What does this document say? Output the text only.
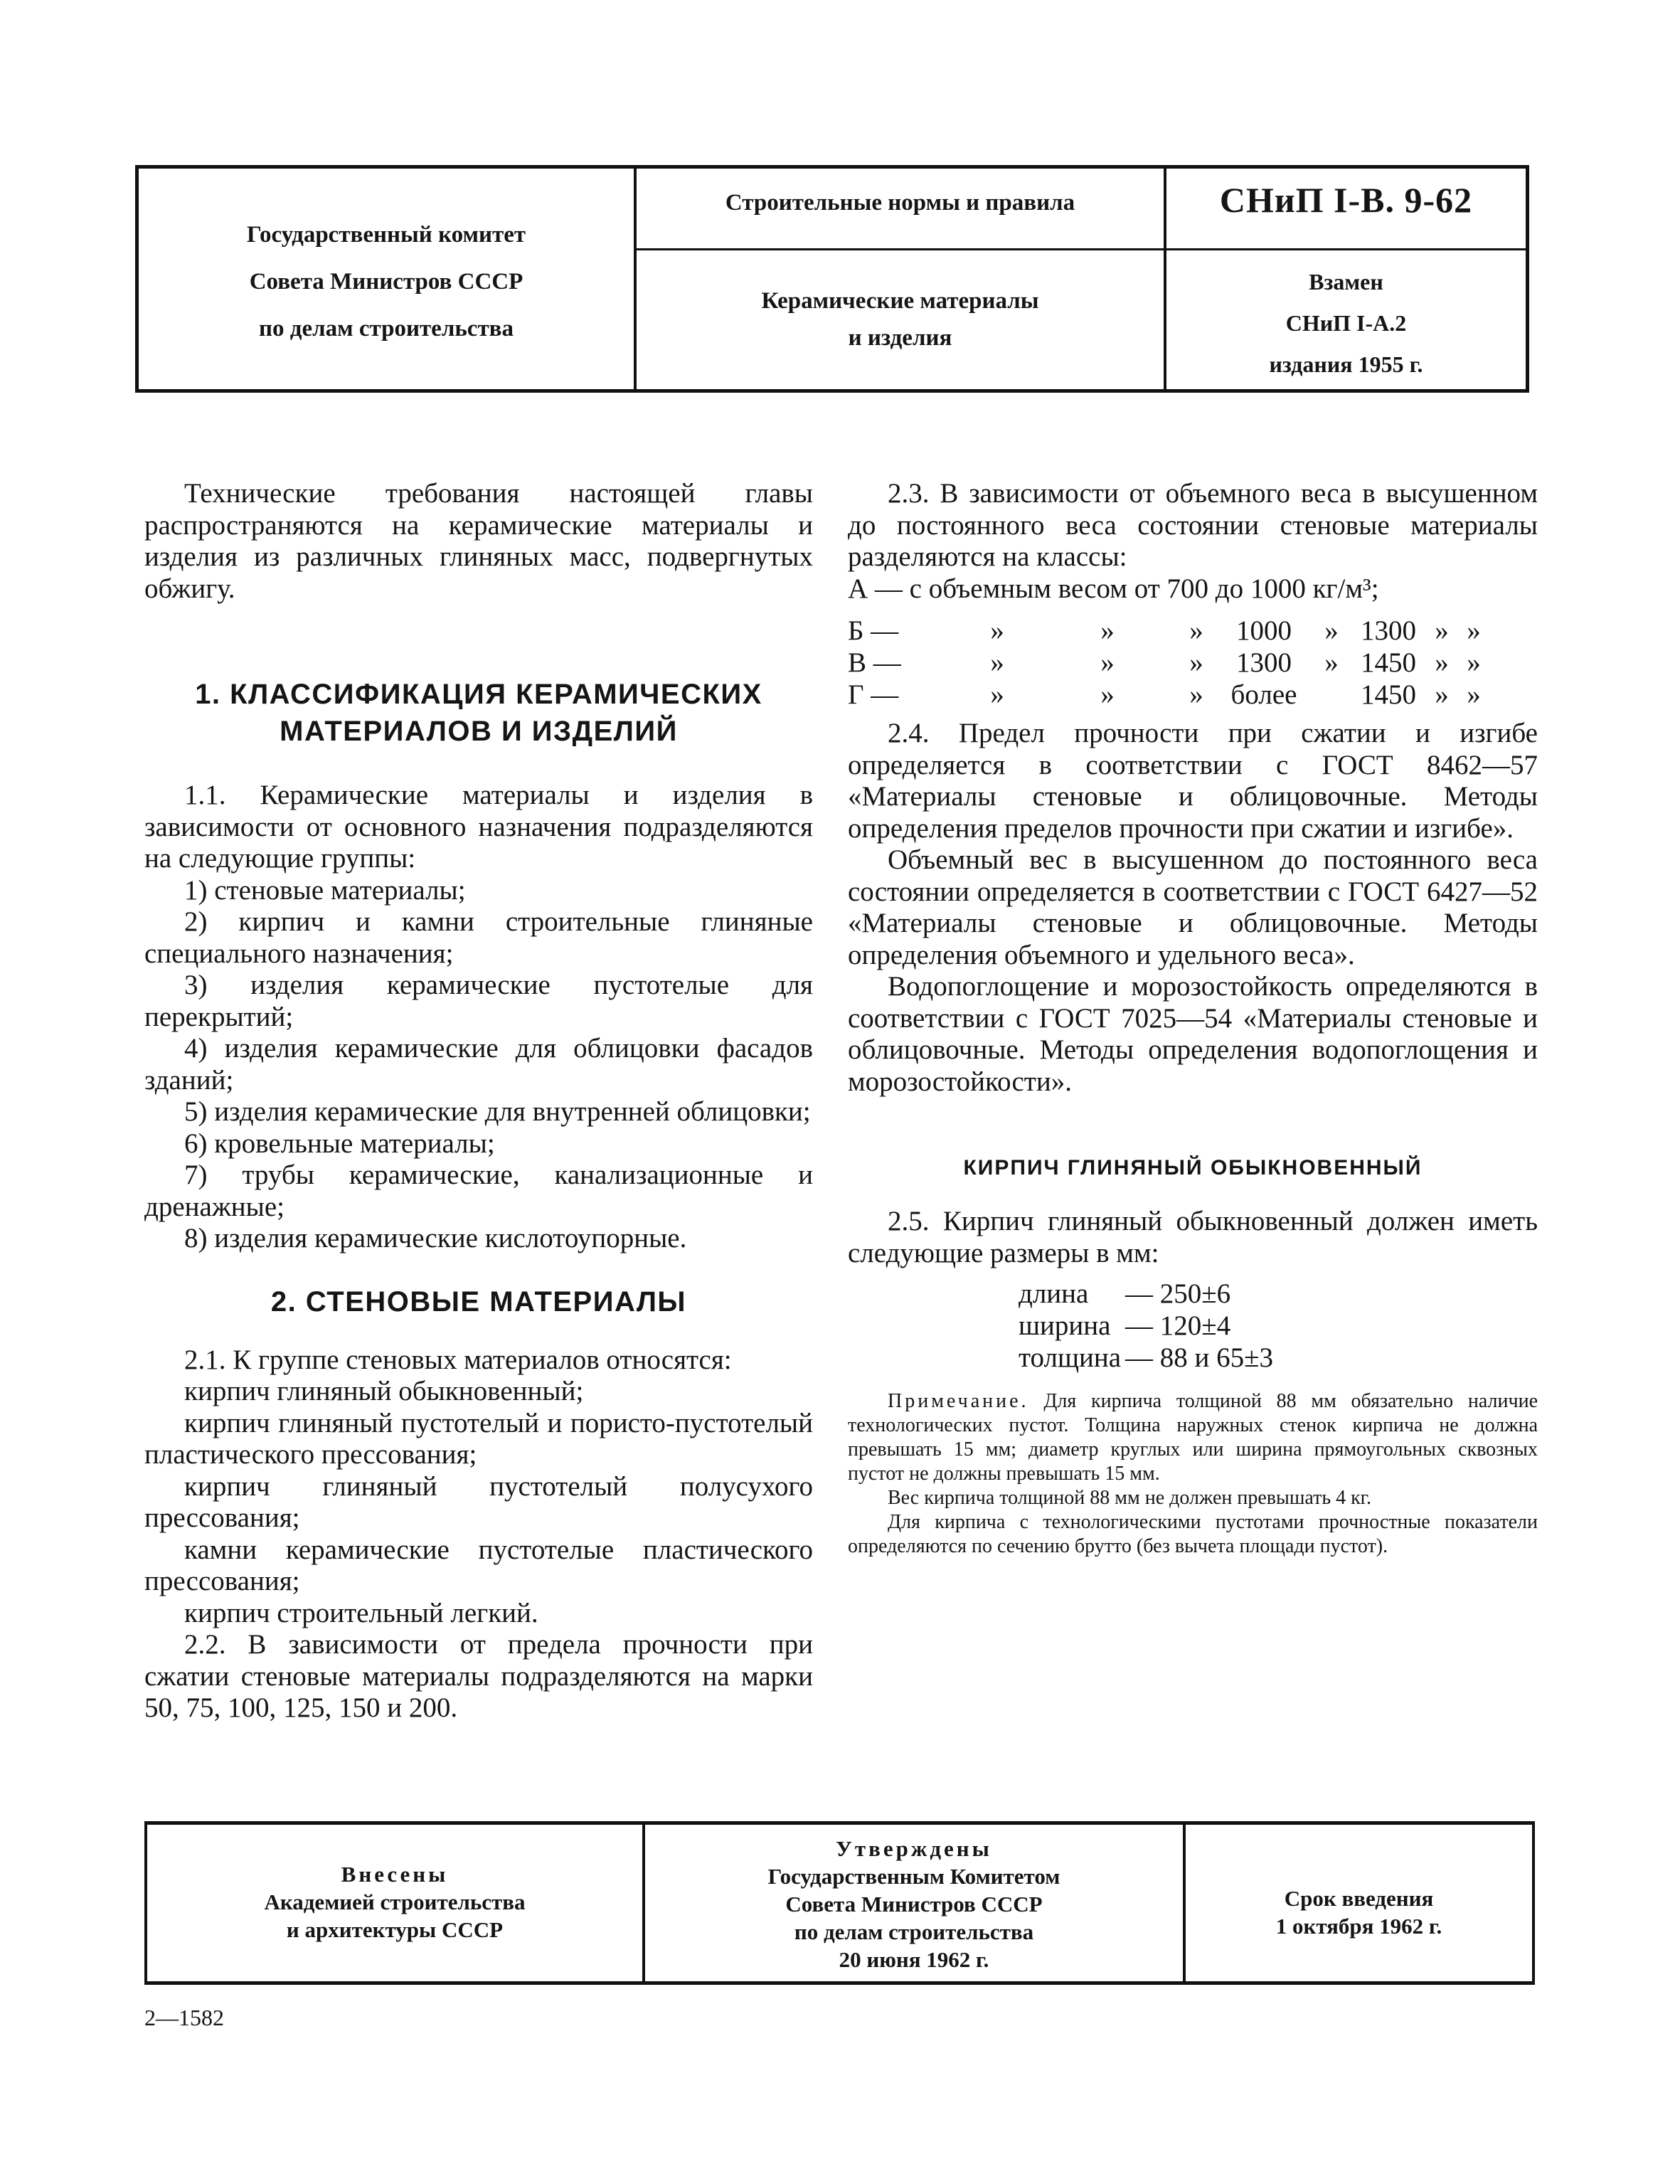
Государственный комитет
Совета Министров СССР
по делам строительства
Строительные нормы и правила
Керамические материалы
и изделия
СНиП I-В. 9-62
Взамен
СНиП I-А.2
издания 1955 г.

Технические требования настоящей главы распространяются на керамические материалы и изделия из различных глиняных масс, подвергнутых обжигу.

1. КЛАССИФИКАЦИЯ КЕРАМИЧЕСКИХ
МАТЕРИАЛОВ И ИЗДЕЛИЙ

1.1. Керамические материалы и изделия в зависимости от основного назначения подразделяются на следующие группы:

1) стеновые материалы;

2) кирпич и камни строительные глиняные специального назначения;

3) изделия керамические пустотелые для перекрытий;

4) изделия керамические для облицовки фасадов зданий;

5) изделия керамические для внутренней облицовки;

6) кровельные материалы;

7) трубы керамические, канализационные и дренажные;

8) изделия керамические кислотоупорные.

2. СТЕНОВЫЕ МАТЕРИАЛЫ

2.1. К группе стеновых материалов относятся:

кирпич глиняный обыкновенный;

кирпич глиняный пустотелый и пористо-пустотелый пластического прессования;

кирпич глиняный пустотелый полусухого прессования;

камни керамические пустотелые пластического прессования;

кирпич строительный легкий.

2.2. В зависимости от предела прочности при сжатии стеновые материалы подразделяются на марки 50, 75, 100, 125, 150 и 200.

2.3. В зависимости от объемного веса в высушенном до постоянного веса состоянии стеновые материалы разделяются на классы:

А — с объемным весом от 700 до 1000 кг/м³;

Б —	»	»	»	1000	»	1300	»	»
В —	»	»	»	1300	»	1450	»	»
Г —	»	»	»	более		1450	»	»

2.4. Предел прочности при сжатии и изгибе определяется в соответствии с ГОСТ 8462—57 «Материалы стеновые и облицовочные. Методы определения пределов прочности при сжатии и изгибе».

Объемный вес в высушенном до постоянного веса состоянии определяется в соответствии с ГОСТ 6427—52 «Материалы стеновые и облицовочные. Методы определения объемного и удельного веса».

Водопоглощение и морозостойкость определяются в соответствии с ГОСТ 7025—54 «Материалы стеновые и облицовочные. Методы определения водопоглощения и морозостойкости».

КИРПИЧ ГЛИНЯНЫЙ ОБЫКНОВЕННЫЙ

2.5. Кирпич глиняный обыкновенный должен иметь следующие размеры в мм:

длина	— 250±6
ширина	— 120±4
толщина	— 88 и 65±3

Примечание. Для кирпича толщиной 88 мм обязательно наличие технологических пустот. Толщина наружных стенок кирпича не должна превышать 15 мм; диаметр круглых или ширина прямоугольных сквозных пустот не должны превышать 15 мм.

Вес кирпича толщиной 88 мм не должен превышать 4 кг.

Для кирпича с технологическими пустотами прочностные показатели определяются по сечению брутто (без вычета площади пустот).

Внесены
Академией строительства
и архитектуры СССР
Утверждены
Государственным Комитетом
Совета Министров СССР
по делам строительства
20 июня 1962 г.
Срок введения
1 октября 1962 г.
2—1582
